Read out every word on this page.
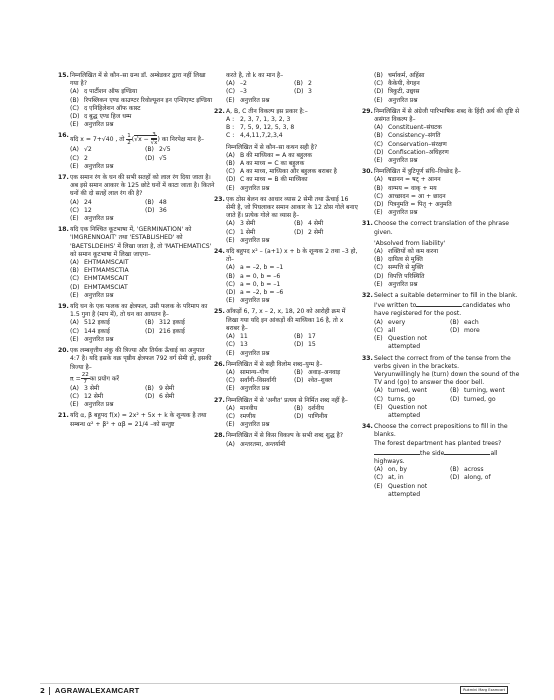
15. निम्नलिखित में से कौन–सा ग्रन्थ डॉ. अम्बेडकर द्वारा नहीं लिखा गया है?
(A) द पार्टीशन ऑफ इण्डिया
(B) रिपब्लिकन एण्ड काउण्टर रिवोल्यूशन इन एन्शिएण्ट इण्डिया
(C) द एनिहिलेशन ऑफ कास्ट
(D) द बुद्ध एण्ड हिज धम्म
(E) अनुत्तरित प्रश्न
16.
यदि x = 7+√40 , तो $\frac{1}{2} (√x - \frac{3}{√x}$ ) का निरपेक्ष मान है–
(A) √2	(B) 2√5
(C) 2	(D) √5
(E) अनुत्तरित प्रश्न
17. एक समान रंग के घन की सभी सतहों को लाल रंग दिया जाता है। अब इसे समान आकार के 125 छोटे घनों में काटा जाता है। कितने घनों की दो सतहें लाल रंग की है?
(A) 24	(B) 48
(C) 12	(D) 36
(E) अनुत्तरित प्रश्न
18. यदि एक निश्चित कूटभाषा में, 'GERMINATION' को 'IMGRENNOAIT' तथा 'ESTABLISHED' को 'BAETSLDEIHS' में लिखा जाता है, तो 'MATHEMATICS' को समान कूटभाषा में लिखा जाएगा–
(A) EHTMAMSCAIT
(B) EHTMAMSCTIA
(C) EHMTAMSCAIT
(D) EHMTAMSCIAT
(E) अनुत्तरित प्रश्न
19. यदि घन के एक फलक का क्षेत्रफल, उसी फलक के परिमाप का 1.5 गुना है (माप में), तो घन का आयतन है–
(A) 512 इकाई	(B) 312 इकाई
(C) 144 इकाई	(D) 216 इकाई
(E) अनुत्तरित प्रश्न
20. एक लम्बवृत्तीय शंकु की त्रिज्या और तिर्यक ऊँचाई का अनुपात 4:7 है। यदि इसके वक्र पृष्ठीय क्षेत्रफल 792 वर्ग सेमी हो, इसकी त्रिज्या है–
$\pi = \frac{22}{7}$ का प्रयोग करें
(A) 3 सेमी	(B) 9 सेमी
(C) 12 सेमी	(D) 6 सेमी
(E) अनुत्तरित प्रश्न
21. यदि α, β बहुपद f(x) = 2x² + 5x + k के शून्यक है तथा सम्बन्ध α² + β² + αβ = 21/4 –को सन्तुष्ट
करते है, तो k का मान है–
(A) –2	(B) 2
(C) –3	(D) 3
(E) अनुत्तरित प्रश्न
22. A, B, C तीन विकल्प इस प्रकार है:–
A : 2, 3, 7, 1, 3, 2, 3
B : 7, 5, 9, 12, 5, 3, 8
C : 4,4,11,7,2,3,4
निम्नलिखित में से कौन–सा कथन सही है?
(A) B की माध्यिका = A का बहुलक
(B) A का माध्य = C का बहुलक
(C) A का माध्य, माध्यिका और बहुलक बराबर है
(D) C का माध्य = B की माध्यिका
(E) अनुत्तरित प्रश्न
23. एक ठोस बेलन का आधार व्यास 2 सेमी तथा ऊँचाई 16 सेमी है, जो पिघलाकर समान आकार के 12 ठोस गोले बनाए जाते हैं। प्रत्येक गोले का व्यास है–
(A) 3 सेमी	(B) 4 सेमी
(C) 1 सेमी	(D) 2 सेमी
(E) अनुत्तरित प्रश्न
24. यदि बहुपद x² – (a+1) x + b के शून्यक 2 तथा –3 हो, तो–
(A) a = –2, b = –1
(B) a = 0, b = –6
(C) a = 0, b = –1
(D) a = –2, b = –6
(E) अनुत्तरित प्रश्न
25. आँकड़ों 6, 7, x – 2, x, 18, 20 को आरोही क्रम में लिखा गया यदि इन आंकड़ों की माध्यिका 16 है, तो x बराबर है–
(A) 11	(B) 17
(C) 13	(D) 15
(E) अनुत्तरित प्रश्न
26. निम्नलिखित में से सही विलोम शब्द–युग्म है–
(A) सामान्य–गौण	(B) अवाड़–अनवाड़
(C) सर्वांगी–विसर्वांगी	(D) श्वेत–शुक्ल
(E) अनुत्तरित प्रश्न
27. निम्नलिखित में से 'अनीत' प्रत्यय से निर्मित शब्द नहीं है–
(A) मानवीय	(B) दर्शनीय
(C) रमणीय	(D) पाणिनीय
(E) अनुत्तरित प्रश्न
28. निम्नलिखित में से किस विकल्प के सभी शब्द शुद्ध है?
(A) अन्तरतमा, अन्तर्यामी
(B) चर्माकर्म, अहिंसा
(C) कैकेयी, वेगहन
(D) त्रिकुटी, उछ्वास
(E) अनुत्तरित प्रश्न
29. निम्नलिखित में से अंग्रेजी पारिभाषिक शब्द के हिंदी अर्थ की दृष्टि से असंगत विकल्प है–
(A) Constituent–संघटक
(B) Consistency–संगति
(C) Conservation–संरक्षण
(D) Confiscation–अधिहरण
(E) अनुत्तरित प्रश्न
30. निम्नलिखित में त्रुटिपूर्ण संधि–विच्छेद है–
(A) षडानन = षट् + आनन
(B) वाग्मय = वाक् + मय
(C) आच्छादन = आ + छादन
(D) पित्रनुमति = पितृ + अनुमति
(E) अनुत्तरित प्रश्न
31. Choose the correct translation of the phrase given.
'Absolved from liability'
(A) शक्तियों को कम करना
(B) दायित्व से मुक्ति
(C) सम्पत्ति से मुक्ति
(D) विपत्ति परिस्थिति
(E) अनुत्तरित प्रश्न
32. Select a suitable determiner to fill in the blank.
I've written to	candidates who have registered for the post.
(A) every	(B) each
(C) all	(D) more
(E) Question not attempted
33. Select the correct from of the tense from the verbs given in the brackets.
Veryunwillingly he (turn) down the sound of the TV and (go) to answer the door bell.
(A) turned, went	(B) turning, went
(C) turns, go	(D) turned, go
(E) Question not attempted
34. Choose the correct prepositions to fill in the blanks.
The forest department has planted trees?
the side	all
highways.
(A) on, by	(B) across
(C) at, in	(D) along, of
(E) Question not attempted
2 AGRAWAL EXAMCART	Rukmini Marg Examcart
